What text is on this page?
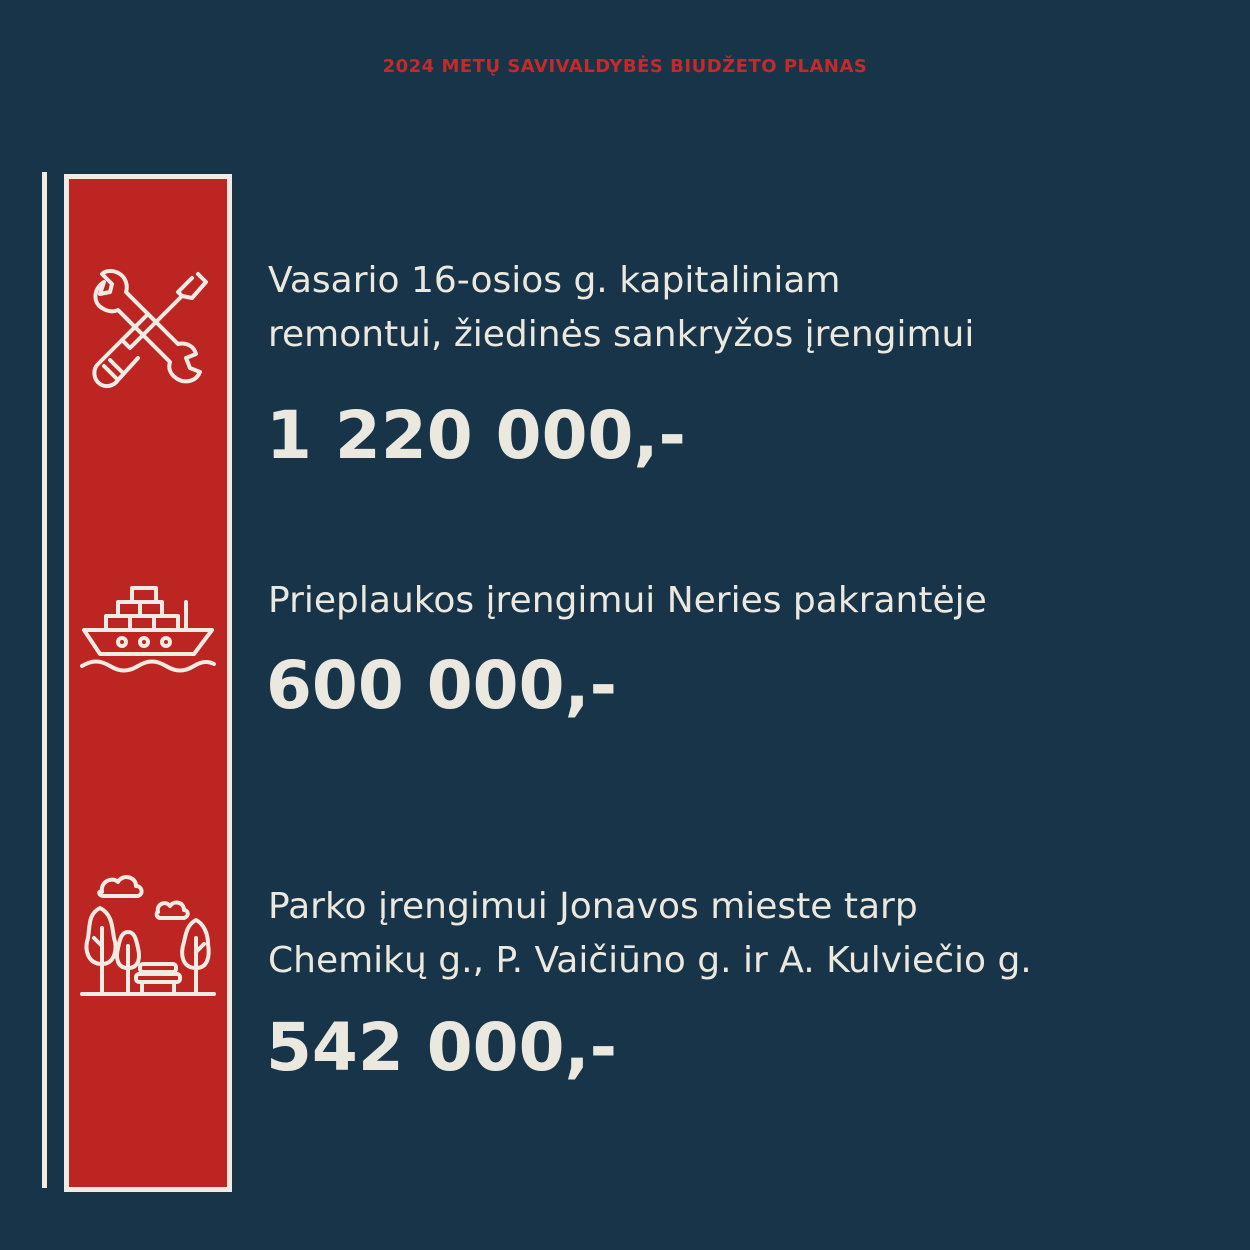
2024 METŲ SAVIVALDYBĖS BIUDŽETO PLANAS
Vasario 16-osios g. kapitaliniam
remontui, žiedinės sankryžos įrengimui
1 220 000,-
Prieplaukos įrengimui Neries pakrantėje
600 000,-
Parko įrengimui Jonavos mieste tarp
Chemikų g., P. Vaičiūno g. ir A. Kulviečio g.
542 000,-
